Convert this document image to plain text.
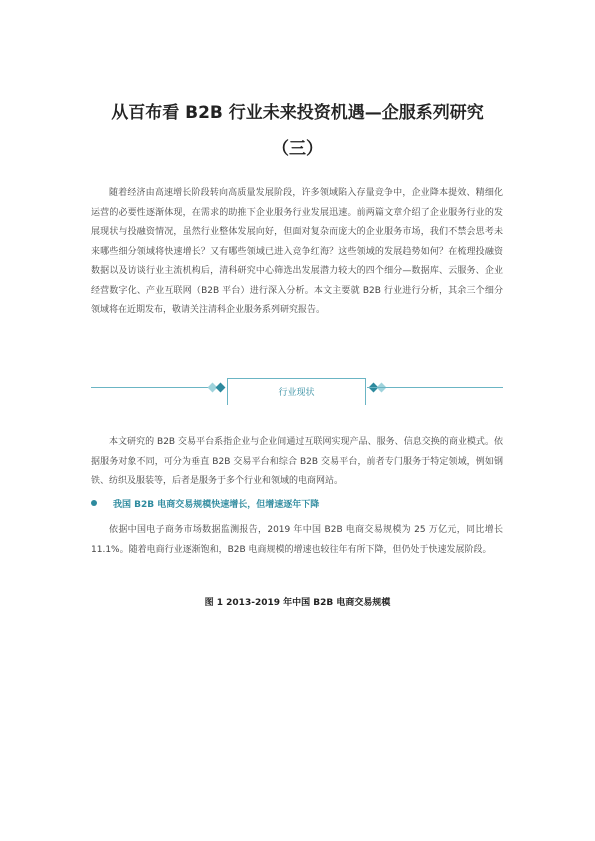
从百布看 B2B 行业未来投资机遇—企服系列研究
（三）

随着经济由高速增长阶段转向高质量发展阶段，许多领域陷入存量竞争中，企业降本提效、精细化运营的必要性逐渐体现，在需求的助推下企业服务行业发展迅速。前两篇文章介绍了企业服务行业的发展现状与投融资情况，虽然行业整体发展向好，但面对复杂而庞大的企业服务市场，我们不禁会思考未来哪些细分领域将快速增长？又有哪些领域已进入竞争红海？这些领域的发展趋势如何？在梳理投融资数据以及访谈行业主流机构后，清科研究中心筛选出发展潜力较大的四个细分—数据库、云服务、企业经营数字化、产业互联网（B2B 平台）进行深入分析。本文主要就 B2B 行业进行分析，其余三个细分领域将在近期发布，敬请关注清科企业服务系列研究报告。

行业现状

本文研究的 B2B 交易平台系指企业与企业间通过互联网实现产品、服务、信息交换的商业模式。依据服务对象不同，可分为垂直 B2B 交易平台和综合 B2B 交易平台，前者专门服务于特定领域，例如钢铁、纺织及服装等，后者是服务于多个行业和领域的电商网站。

我国 B2B 电商交易规模快速增长，但增速逐年下降

依据中国电子商务市场数据监测报告，2019 年中国 B2B 电商交易规模为 25 万亿元，同比增长 11.1%。随着电商行业逐渐饱和，B2B 电商规模的增速也较往年有所下降，但仍处于快速发展阶段。

图 1 2013-2019 年中国 B2B 电商交易规模
